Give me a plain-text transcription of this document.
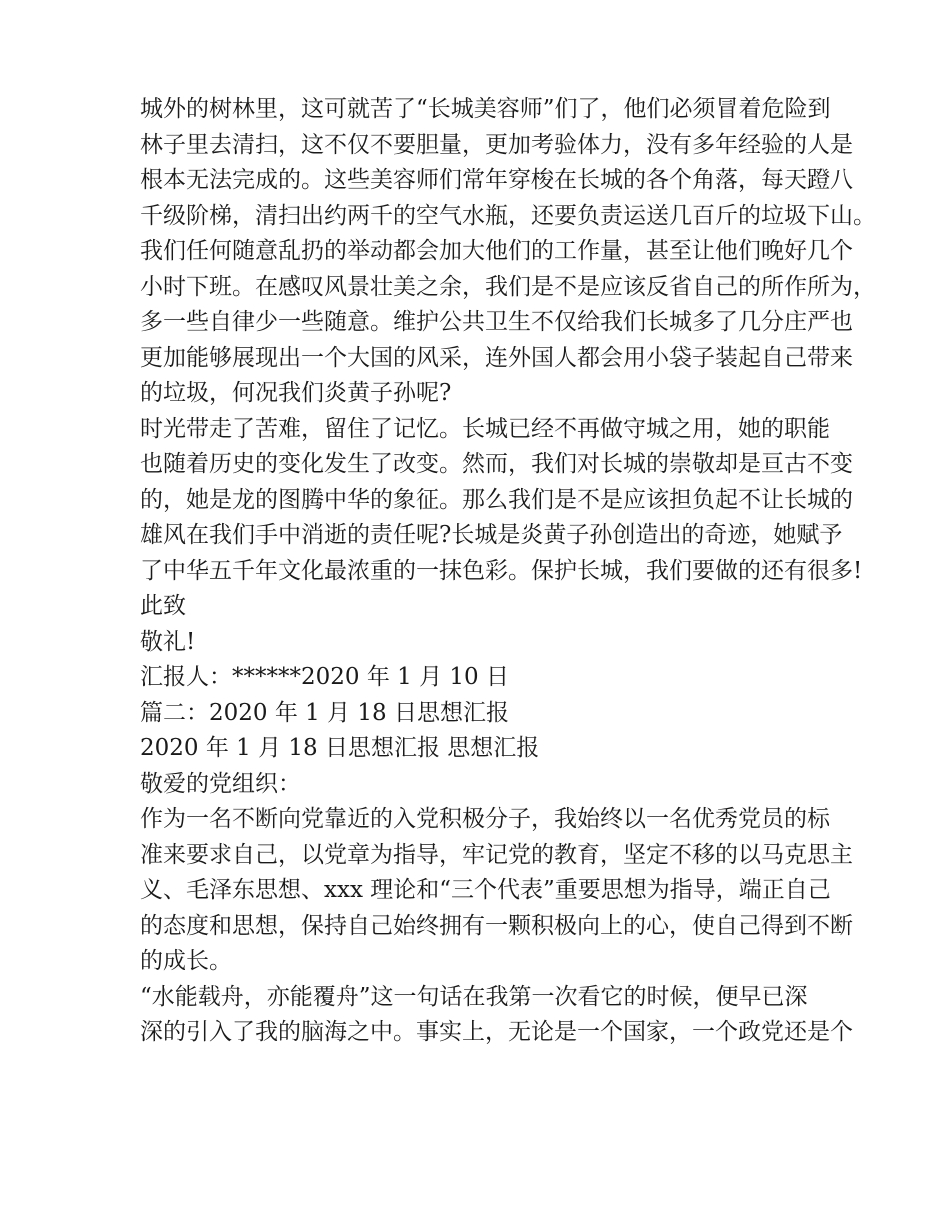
城外的树林里，这可就苦了“长城美容师”们了，他们必须冒着危险到
林子里去清扫，这不仅不要胆量，更加考验体力，没有多年经验的人是
根本无法完成的。这些美容师们常年穿梭在长城的各个角落，每天蹬八
千级阶梯，清扫出约两千的空气水瓶，还要负责运送几百斤的垃圾下山。
我们任何随意乱扔的举动都会加大他们的工作量，甚至让他们晚好几个
小时下班。在感叹风景壮美之余，我们是不是应该反省自己的所作所为，
多一些自律少一些随意。维护公共卫生不仅给我们长城多了几分庄严也
更加能够展现出一个大国的风采，连外国人都会用小袋子装起自己带来
的垃圾，何况我们炎黄子孙呢?
时光带走了苦难，留住了记忆。长城已经不再做守城之用，她的职能
也随着历史的变化发生了改变。然而，我们对长城的崇敬却是亘古不变
的，她是龙的图腾中华的象征。那么我们是不是应该担负起不让长城的
雄风在我们手中消逝的责任呢?长城是炎黄子孙创造出的奇迹，她赋予
了中华五千年文化最浓重的一抹色彩。保护长城，我们要做的还有很多!
此致
敬礼!
汇报人：******2020 年 1 月 10 日
篇二：2020 年 1 月 18 日思想汇报
2020 年 1 月 18 日思想汇报 思想汇报
敬爱的党组织：
作为一名不断向党靠近的入党积极分子，我始终以一名优秀党员的标
准来要求自己，以党章为指导，牢记党的教育，坚定不移的以马克思主
义、毛泽东思想、xxx 理论和“三个代表”重要思想为指导，端正自己
的态度和思想，保持自己始终拥有一颗积极向上的心，使自己得到不断
的成长。
“水能载舟，亦能覆舟”这一句话在我第一次看它的时候，便早已深
深的引入了我的脑海之中。事实上，无论是一个国家，一个政党还是个
